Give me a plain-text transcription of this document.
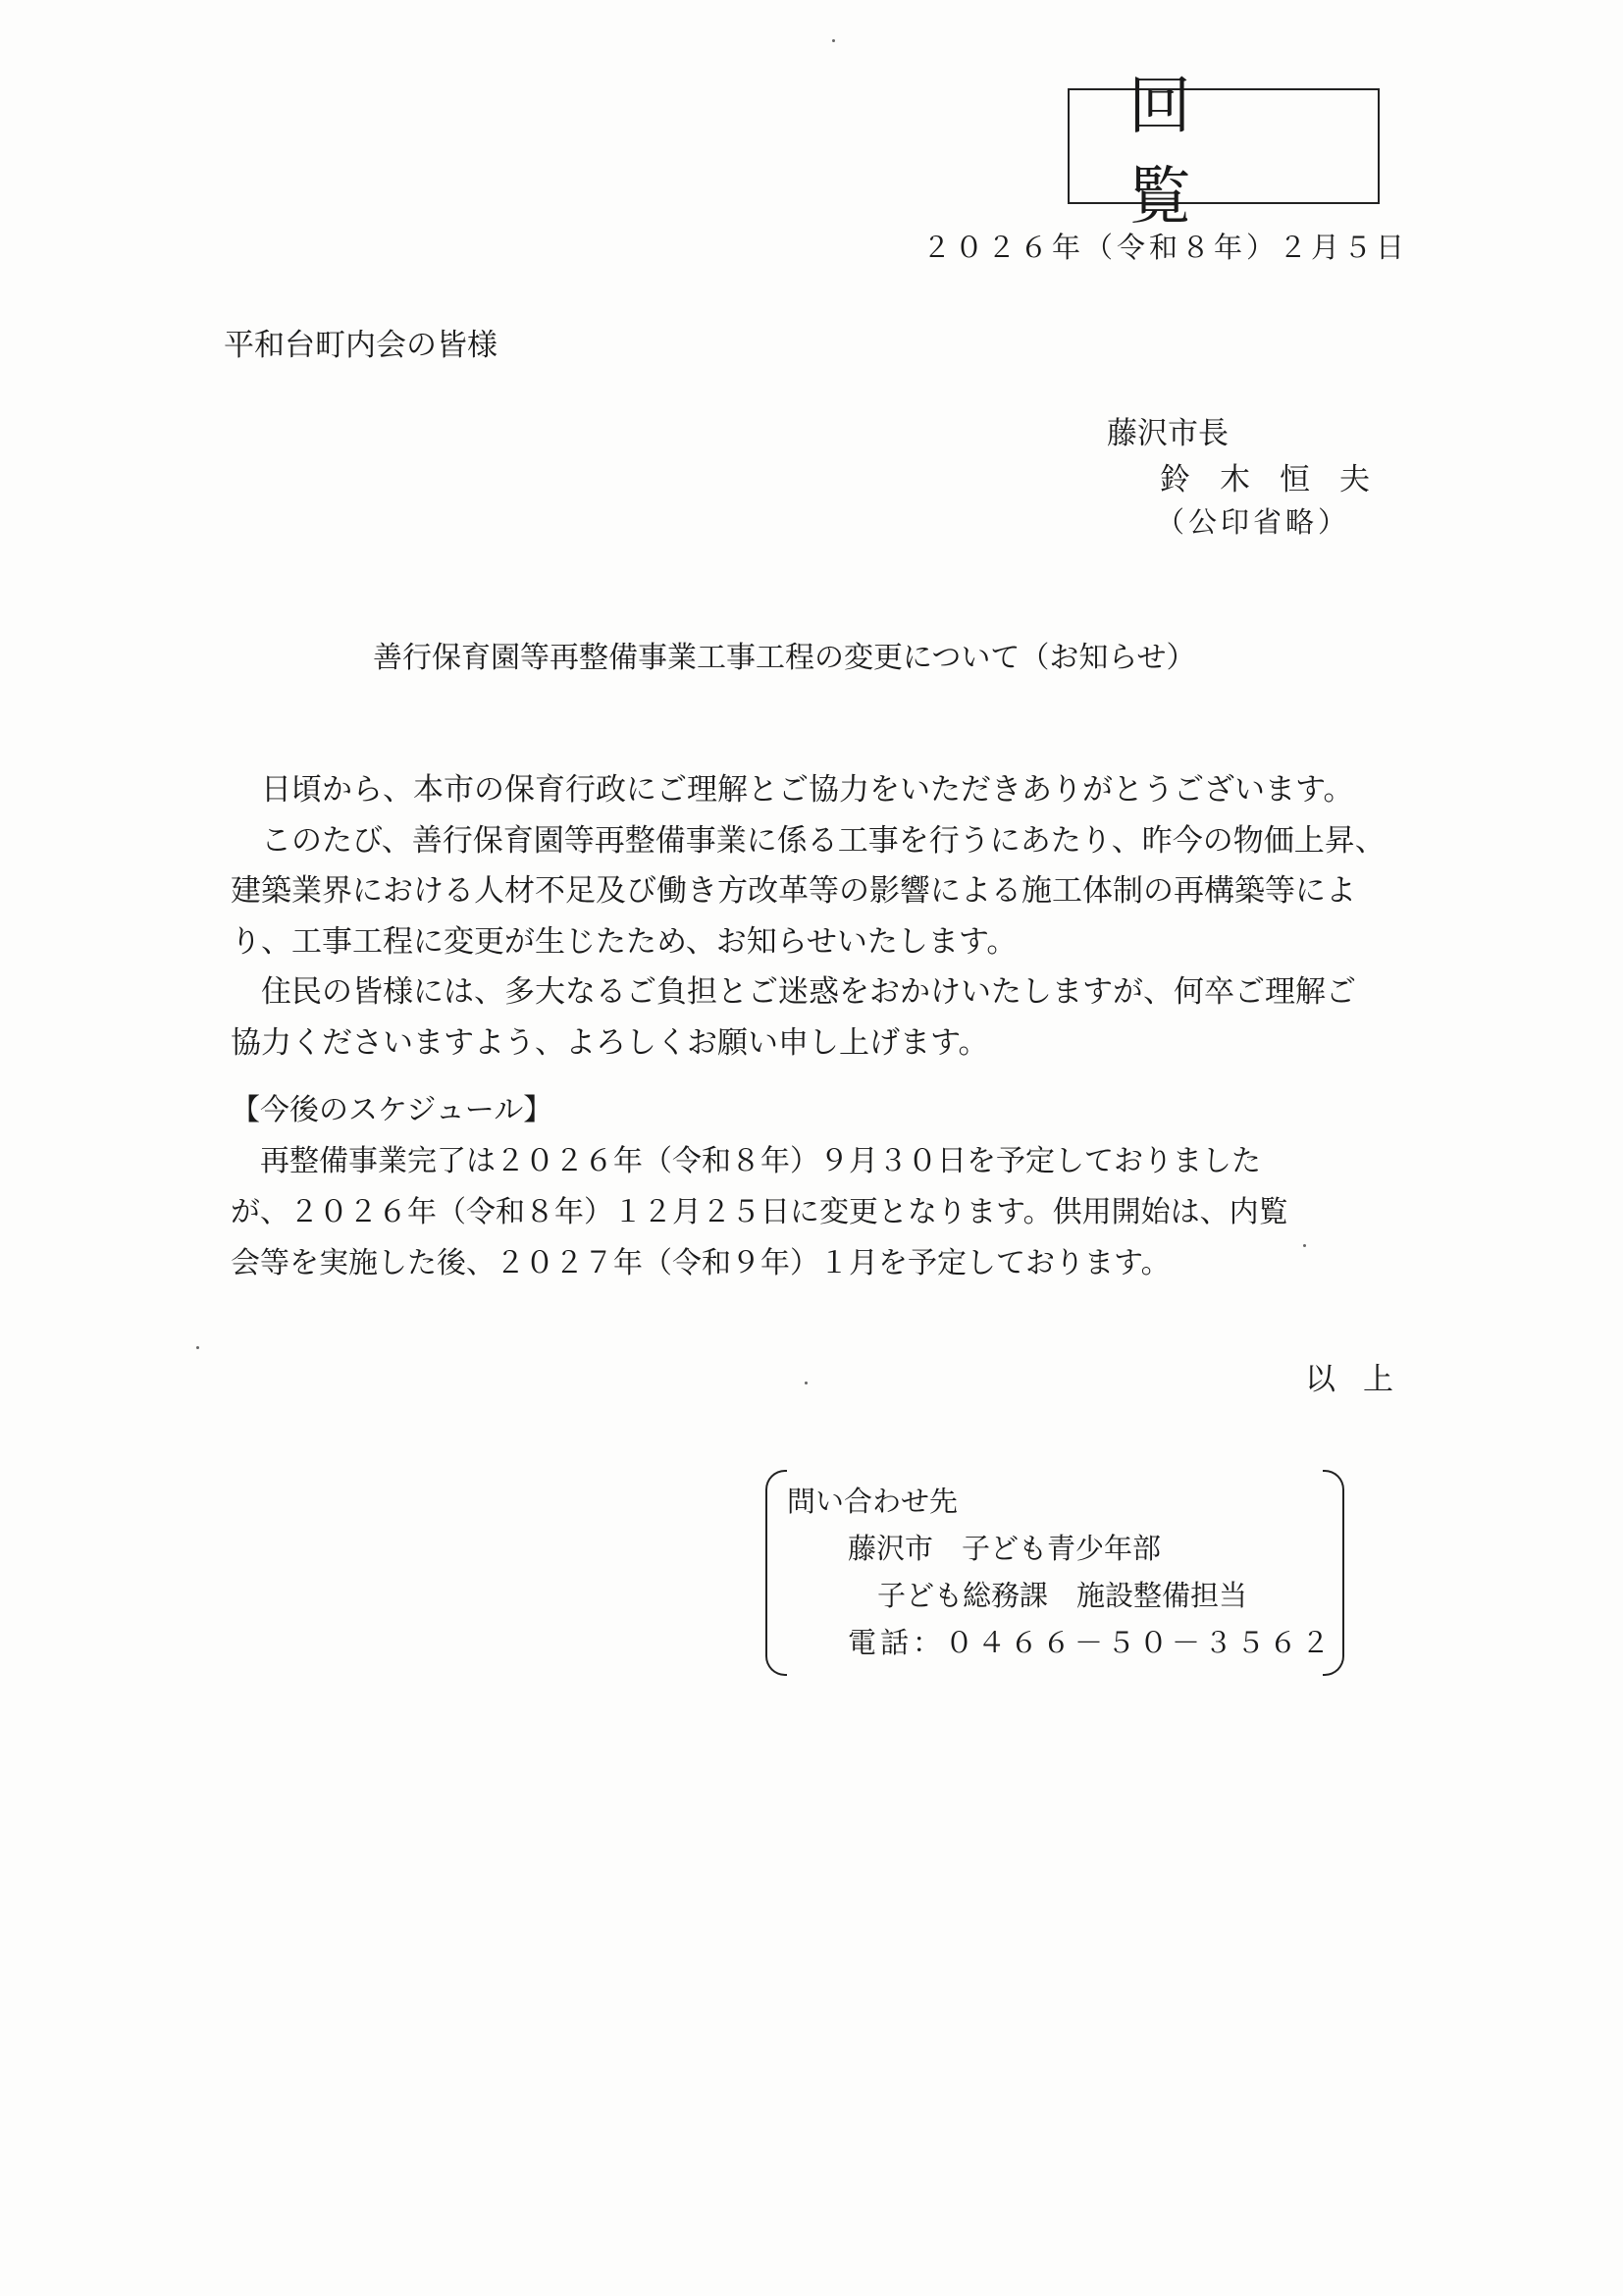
回 覧
２０２６年（令和８年）２月５日
平和台町内会の皆様
藤沢市長
鈴木恒夫
（公印省略）
善行保育園等再整備事業工事工程の変更について（お知らせ）
　日頃から、本市の保育行政にご理解とご協力をいただきありがとうございます。
　このたび、善行保育園等再整備事業に係る工事を行うにあたり、昨今の物価上昇、
建築業界における人材不足及び働き方改革等の影響による施工体制の再構築等によ
り、工事工程に変更が生じたため、お知らせいたします。
　住民の皆様には、多大なるご負担とご迷惑をおかけいたしますが、何卒ご理解ご
協力くださいますよう、よろしくお願い申し上げます。
【今後のスケジュール】
　再整備事業完了は２０２６年（令和８年）９月３０日を予定しておりました
が、２０２６年（令和８年）１２月２５日に変更となります。供用開始は、内覧
会等を実施した後、２０２７年（令和９年）１月を予定しております。
以上
問い合わせ先
藤沢市　子ども青少年部
子ども総務課　施設整備担当
電話：０４６６－５０－３５６２
